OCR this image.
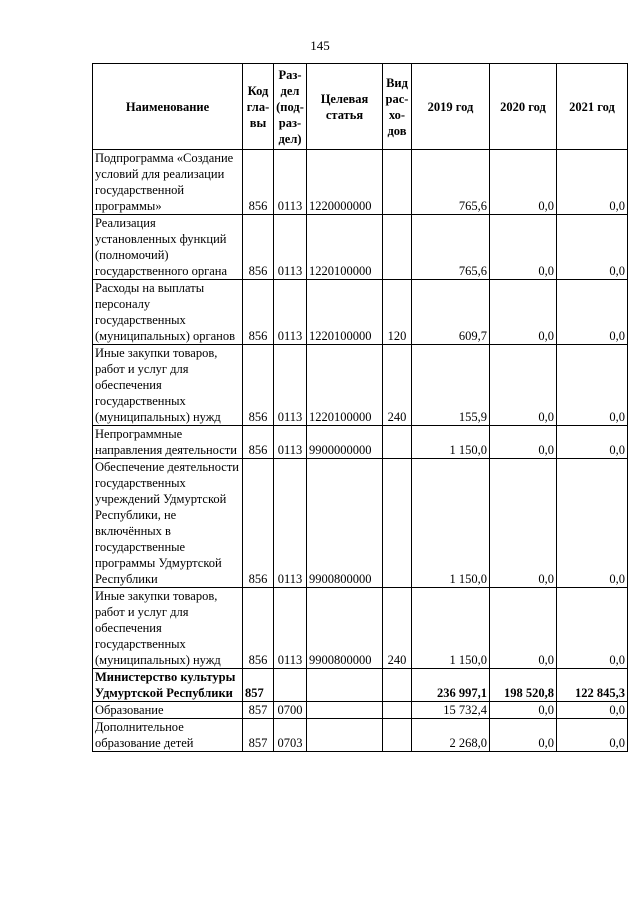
145
Наименование	Код гла-вы	Раз-дел (под-раз-дел)	Целевая статья	Вид рас-хо-дов	2019 год	2020 год	2021 год
Подпрограмма «Создание условий для реализации государственной программы»	856	0113	1220000000		765,6	0,0	0,0
Реализация установленных функций (полномочий) государственного органа	856	0113	1220100000		765,6	0,0	0,0
Расходы на выплаты персоналу государственных (муниципальных) органов	856	0113	1220100000	120	609,7	0,0	0,0
Иные закупки товаров, работ и услуг для обеспечения государственных (муниципальных) нужд	856	0113	1220100000	240	155,9	0,0	0,0
Непрограммные направления деятельности	856	0113	9900000000		1 150,0	0,0	0,0
Обеспечение деятельности государственных учреждений Удмуртской Республики, не включённых в государственные программы Удмуртской Республики	856	0113	9900800000		1 150,0	0,0	0,0
Иные закупки товаров, работ и услуг для обеспечения государственных (муниципальных) нужд	856	0113	9900800000	240	1 150,0	0,0	0,0
Министерство культуры Удмуртской Республики	857				236 997,1	198 520,8	122 845,3
Образование	857	0700			15 732,4	0,0	0,0
Дополнительное образование детей	857	0703			2 268,0	0,0	0,0
